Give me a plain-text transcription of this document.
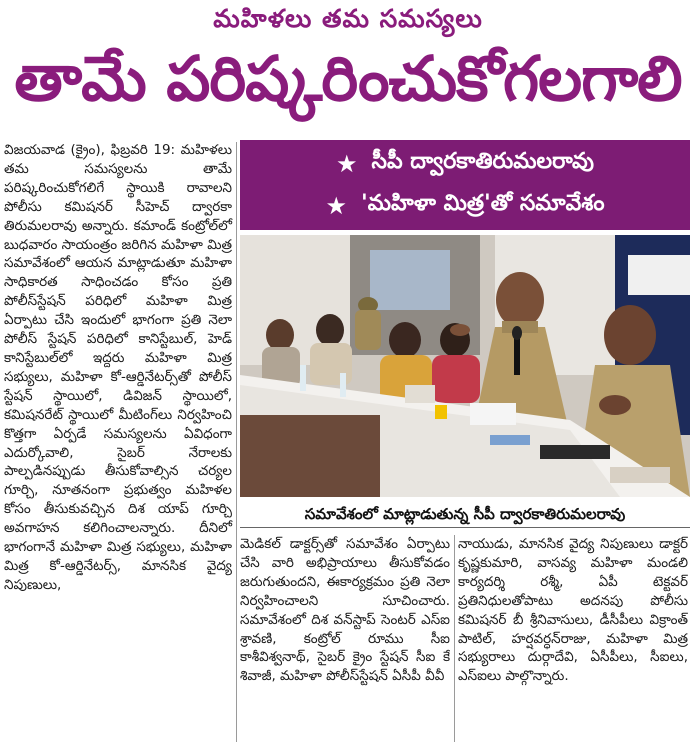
మహిళలు తమ సమస్యలు
తామే పరిష్కరించుకోగలగాలి

విజయవాడ (క్రైం), ఫిబ్రవరి 19: మహిళలు తమ సమస్యలను తామే పరిష్కరించుకోగలిగే స్థాయికి రావాలని పోలీసు కమిషనర్ సీహెచ్ ద్వారకా తిరుమలరావు అన్నారు. కమాండ్ కంట్రోల్‌లో బుధవారం సాయంత్రం జరిగిన మహిళా మిత్ర సమావేశంలో ఆయన మాట్లాడుతూ మహిళా సాధికారత సాధించడం కోసం ప్రతి పోలీస్‌స్టేషన్ పరిధిలో మహిళా మిత్ర ఏర్పాటు చేసి ఇందులో భాగంగా ప్రతి నెలా పోలీస్ స్టేషన్ పరిధిలో కానిస్టేబుల్, హెడ్ కానిస్టేబుల్‌లో ఇద్దరు మహిళా మిత్ర సభ్యులు, మహిళా కో-ఆర్డినేటర్స్‌తో పోలీస్ స్టేషన్ స్థాయిలో, డివిజన్ స్థాయిలో, కమిషనరేట్ స్థాయిలో మీటింగ్‌లు నిర్వహించి కొత్తగా ఏర్పడే సమస్యలను ఏవిధంగా ఎదుర్కోవాలి, సైబర్ నేరాలకు పాల్పడినప్పుడు తీసుకోవాల్సిన చర్యల గూర్చి, నూతనంగా ప్రభుత్వం మహిళల కోసం తీసుకువచ్చిన దిశ యాప్ గూర్చి అవగాహన కలిగించాలన్నారు. దీనిలో భాగంగానే మహిళా మిత్ర సభ్యులు, మహిళా మిత్ర కో-ఆర్డినేటర్స్, మానసిక వైద్య నిపుణులు,

★ సీపీ ద్వారకాతిరుమలరావు
★ 'మహిళా మిత్ర'తో సమావేశం
సమావేశంలో మాట్లాడుతున్న సీపీ ద్వారకాతిరుమలరావు

మెడికల్ డాక్టర్స్‌తో సమావేశం ఏర్పాటు చేసి వారి అభిప్రాయాలు తీసుకోవడం జరుగుతుందని, ఈకార్యక్రమం ప్రతి నెలా నిర్వహించాలని సూచించారు. సమావేశంలో దిశ వన్‌స్టాప్ సెంటర్ ఎస్ఐ శ్రావణి, కంట్రోల్ రూము సీఐ కాశీవిశ్వనాథ్, సైబర్ క్రైం స్టేషన్ సీఐ కే శివాజీ, మహిళా పోలీస్‌స్టేషన్ ఏసీపీ వీవీ

నాయుడు, మానసిక వైద్య నిపుణులు డాక్టర్ కృష్ణకుమారి, వాసవ్య మహిళా మండలి కార్యదర్శి రశ్మీ, ఏపీ టెక్టవర్ ప్రతినిధులతోపాటు అదనపు పోలీసు కమిషనర్ బీ శ్రీనివాసులు, డీసీపీలు విక్రాంత్ పాటిల్, హర్షవర్ధన్‌రాజు, మహిళా మిత్ర సభ్యురాలు దుర్గాదేవి, ఏసీపీలు, సీఐలు, ఎస్ఐలు పాల్గొన్నారు.
